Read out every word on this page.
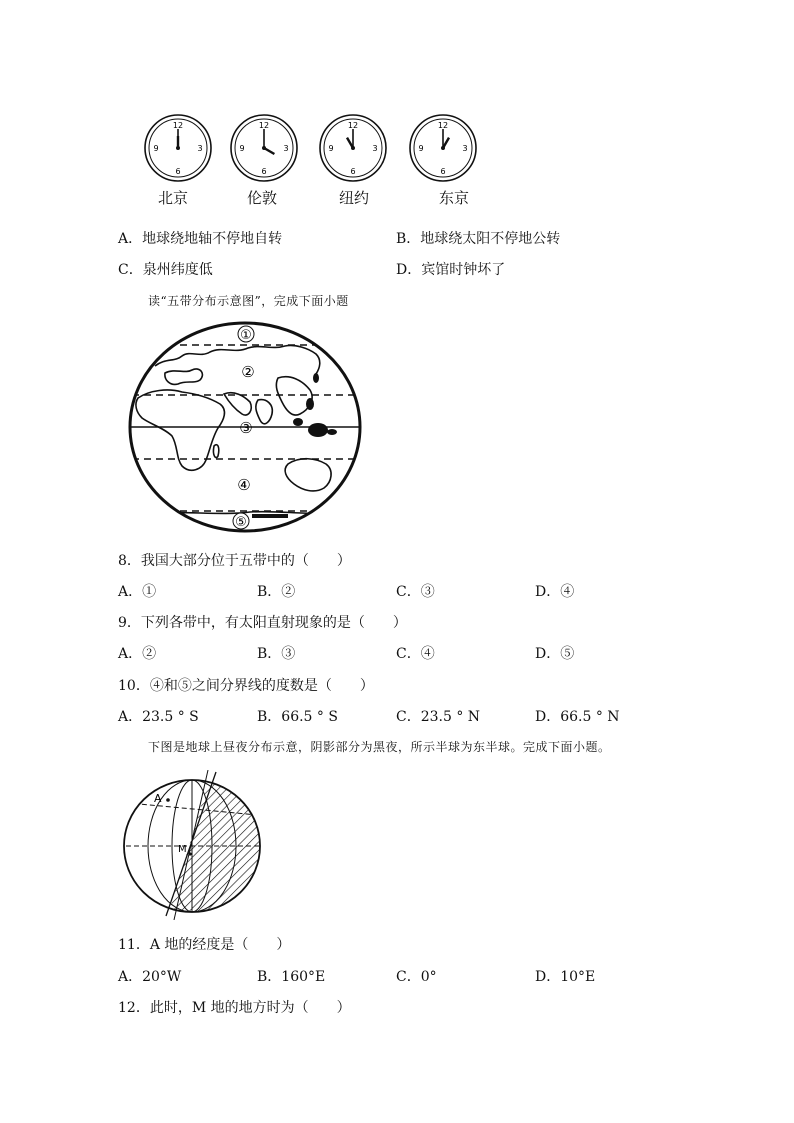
12
3
6
9
12
3
6
9
12
3
6
9
12
3
6
9
北京	伦敦	纽约	东京
A．地球绕地轴不停地自转	B．地球绕太阳不停地公转
C．泉州纬度低	D．宾馆时钟坏了
读“五带分布示意图”，完成下面小题
①
②
③
④
⑤
8．我国大部分位于五带中的（　　）
A．①	B．②	C．③	D．④
9．下列各带中，有太阳直射现象的是（　　）
A．②	B．③	C．④	D．⑤
10．④和⑤之间分界线的度数是（　　）
A．23.5 ° S	B．66.5 ° S	C．23.5 ° N	D．66.5 ° N
下图是地球上昼夜分布示意，阴影部分为黑夜，所示半球为东半球。完成下面小题。
A
M
11．A 地的经度是（　　）
A．20°W	B．160°E	C．0°	D．10°E
12．此时，M 地的地方时为（　　）
